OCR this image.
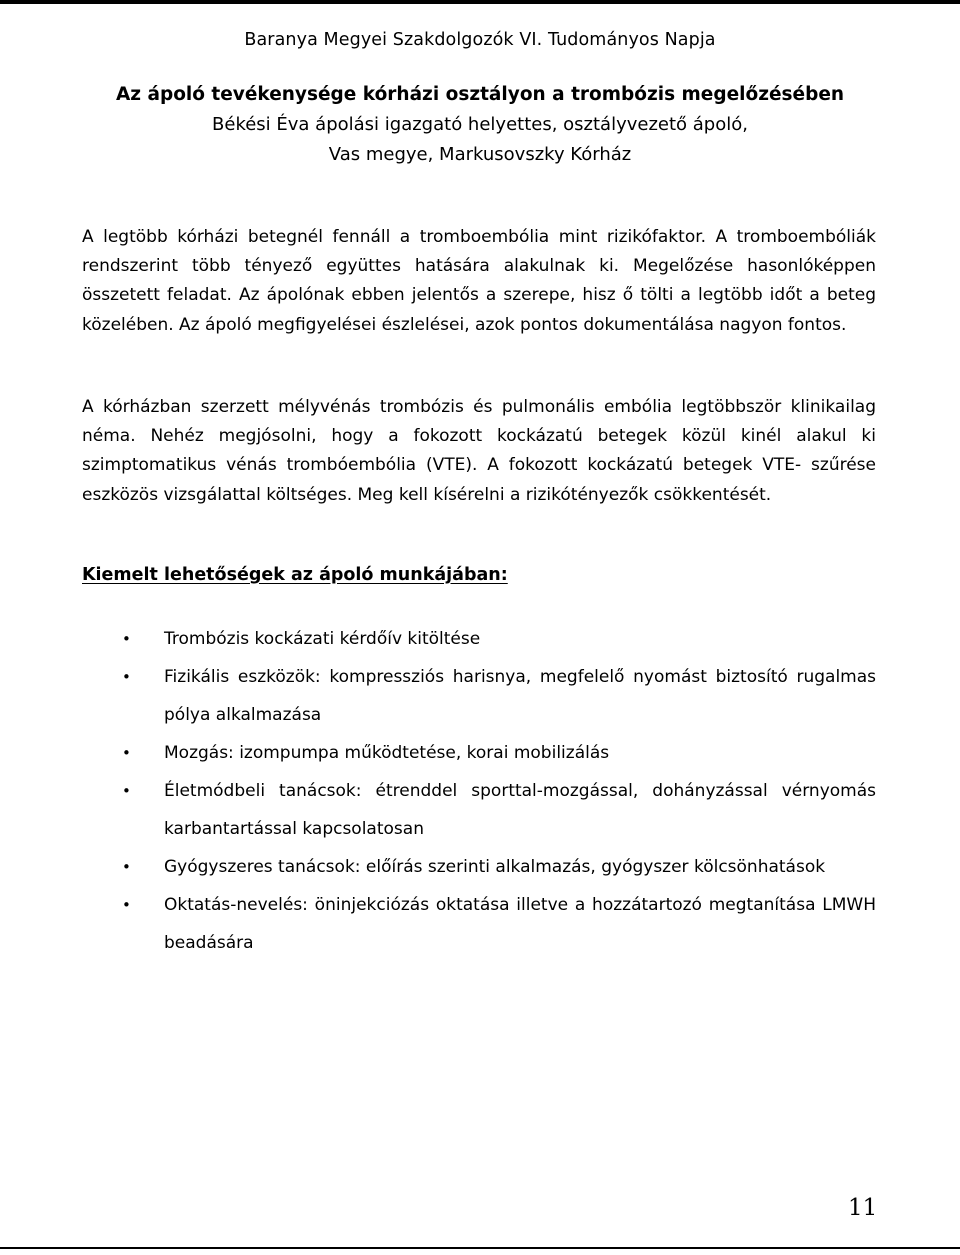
Baranya Megyei Szakdolgozók VI. Tudományos Napja
Az ápoló tevékenysége kórházi osztályon a trombózis megelőzésében
Békési Éva ápolási igazgató helyettes, osztályvezető ápoló,
Vas megye, Markusovszky Kórház

A legtöbb kórházi betegnél fennáll a tromboembólia mint rizikófaktor. A tromboembóliák rendszerint több tényező együttes hatására alakulnak ki. Megelőzése hasonlóképpen összetett feladat. Az ápolónak ebben jelentős a szerepe, hisz ő tölti a legtöbb időt a beteg közelében. Az ápoló megfigyelései észlelései, azok pontos dokumentálása nagyon fontos.

A kórházban szerzett mélyvénás trombózis és pulmonális embólia legtöbbször klinikailag néma. Nehéz megjósolni, hogy a fokozott kockázatú betegek közül kinél alakul ki szimptomatikus vénás trombóembólia (VTE). A fokozott kockázatú betegek VTE- szűrése eszközös vizsgálattal költséges. Meg kell kísérelni a rizikótényezők csökkentését.

Kiemelt lehetőségek az ápoló munkájában:
• Trombózis kockázati kérdőív kitöltése
• Fizikális eszközök: kompressziós harisnya, megfelelő nyomást biztosító rugalmas pólya alkalmazása
• Mozgás: izompumpa működtetése, korai mobilizálás
• Életmódbeli tanácsok: étrenddel sporttal-mozgással, dohányzással vérnyomás karbantartással kapcsolatosan
• Gyógyszeres tanácsok: előírás szerinti alkalmazás, gyógyszer kölcsönhatások
• Oktatás-nevelés: öninjekciózás oktatása illetve a hozzátartozó megtanítása LMWH beadására
11
